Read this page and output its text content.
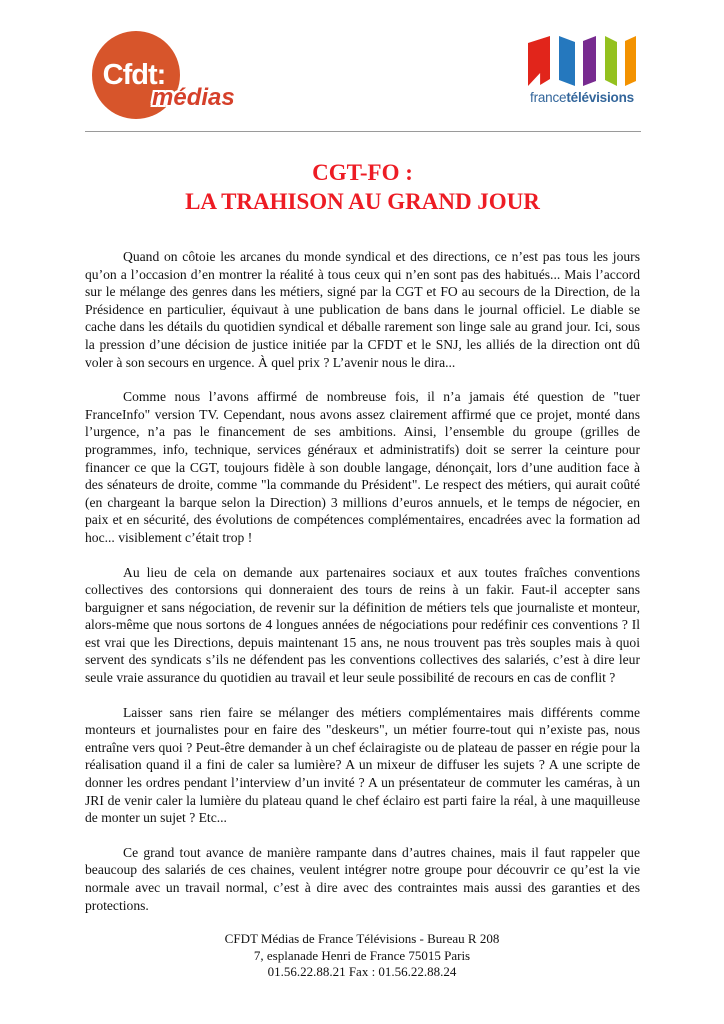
Cfdt:
médias	francetélévisions
CGT-FO :
LA TRAHISON AU GRAND JOUR

Quand on côtoie les arcanes du monde syndical et des directions, ce n’est pas tous les jours qu’on a l’occasion d’en montrer la réalité à tous ceux qui n’en sont pas des habitués... Mais l’accord sur le mélange des genres dans les métiers, signé par la CGT et FO au secours de la Direction, de la Présidence en particulier, équivaut à une publication de bans dans le journal officiel. Le diable se cache dans les détails du quotidien syndical et déballe rarement son linge sale au grand jour. Ici, sous la pression d’une décision de justice initiée par la CFDT et le SNJ, les alliés de la direction ont dû voler à son secours en urgence. À quel prix ? L’avenir nous le dira...

Comme nous l’avons affirmé de nombreuse fois, il n’a jamais été question de "tuer FranceInfo" version TV. Cependant, nous avons assez clairement affirmé que ce projet, monté dans l’urgence, n’a pas le financement de ses ambitions. Ainsi, l’ensemble du groupe (grilles de programmes, info, technique, services généraux et administratifs) doit se serrer la ceinture pour financer ce que la CGT, toujours fidèle à son double langage, dénonçait, lors d’une audition face à des sénateurs de droite, comme "la commande du Président". Le respect des métiers, qui aurait coûté (en chargeant la barque selon la Direction) 3 millions d’euros annuels, et le temps de négocier, en paix et en sécurité, des évolutions de compétences complémentaires, encadrées avec la formation ad hoc... visiblement c’était trop !

Au lieu de cela on demande aux partenaires sociaux et aux toutes fraîches conventions collectives des contorsions qui donneraient des tours de reins à un fakir. Faut-il accepter sans barguigner et sans négociation, de revenir sur la définition de métiers tels que journaliste et monteur, alors-même que nous sortons de 4 longues années de négociations pour redéfinir ces conventions ? Il est vrai que les Directions, depuis maintenant 15 ans, ne nous trouvent pas très souples mais à quoi servent des syndicats s’ils ne défendent pas les conventions collectives des salariés, c’est à dire leur seule vraie assurance du quotidien au travail et leur seule possibilité de recours en cas de conflit ?

Laisser sans rien faire se mélanger des métiers complémentaires mais différents comme monteurs et journalistes pour en faire des "deskeurs", un métier fourre-tout qui n’existe pas, nous entraîne vers quoi ? Peut-être demander à un chef éclairagiste ou de plateau de passer en régie pour la réalisation quand il a fini de caler sa lumière? A un mixeur de diffuser les sujets ? A une scripte de donner les ordres pendant l’interview d’un invité ? A un présentateur de commuter les caméras, à un JRI de venir caler la lumière du plateau quand le chef éclairo est parti faire la réal, à une maquilleuse de monter un sujet ? Etc...

Ce grand tout avance de manière rampante dans d’autres chaines, mais il faut rappeler que beaucoup des salariés de ces chaines, veulent intégrer notre groupe pour découvrir ce qu’est la vie normale avec un travail normal, c’est à dire avec des contraintes mais aussi des garanties et des protections.

CFDT Médias de France Télévisions - Bureau R 208
7, esplanade Henri de France 75015 Paris
01.56.22.88.21 Fax : 01.56.22.88.24
